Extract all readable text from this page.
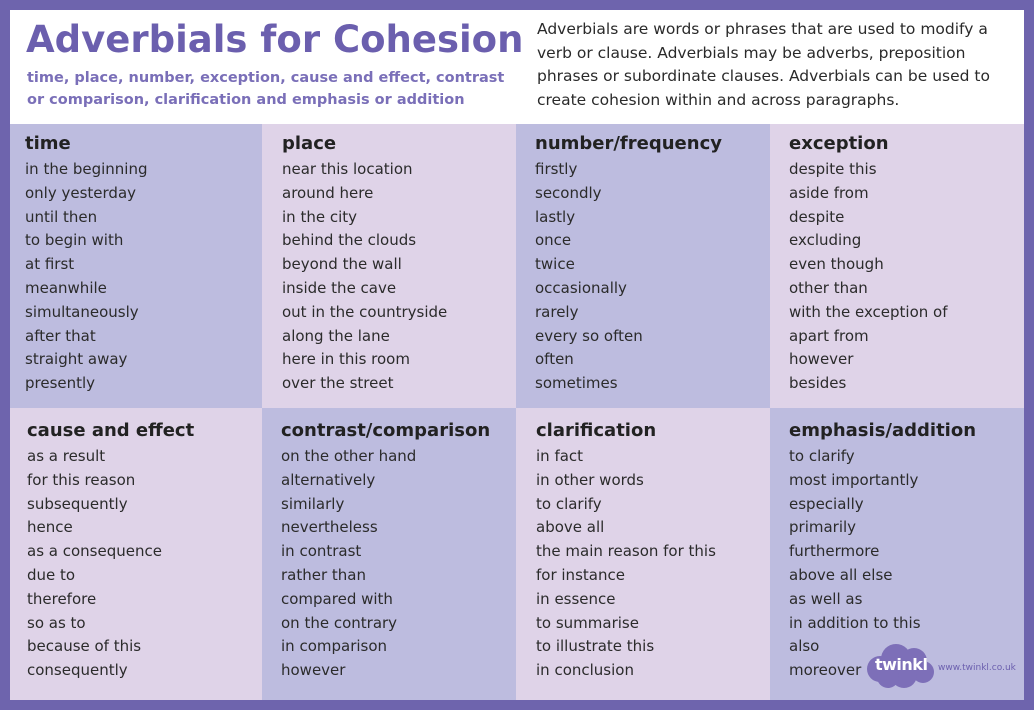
Adverbials for Cohesion
time, place, number, exception, cause and effect, contrast or comparison, clarification and emphasis or addition
Adverbials are words or phrases that are used to modify a verb or clause. Adverbials may be adverbs, preposition phrases or subordinate clauses. Adverbials can be used to create cohesion within and across paragraphs.
time
in the beginning
only yesterday
until then
to begin with
at first
meanwhile
simultaneously
after that
straight away
presently
place
near this location
around here
in the city
behind the clouds
beyond the wall
inside the cave
out in the countryside
along the lane
here in this room
over the street
number/frequency
firstly
secondly
lastly
once
twice
occasionally
rarely
every so often
often
sometimes
exception
despite this
aside from
despite
excluding
even though
other than
with the exception of
apart from
however
besides
cause and effect
as a result
for this reason
subsequently
hence
as a consequence
due to
therefore
so as to
because of this
consequently
contrast/comparison
on the other hand
alternatively
similarly
nevertheless
in contrast
rather than
compared with
on the contrary
in comparison
however
clarification
in fact
in other words
to clarify
above all
the main reason for this
for instance
in essence
to summarise
to illustrate this
in conclusion
emphasis/addition
to clarify
most importantly
especially
primarily
furthermore
above all else
as well as
in addition to this
also
moreover twinkl www.twinkl.co.uk
